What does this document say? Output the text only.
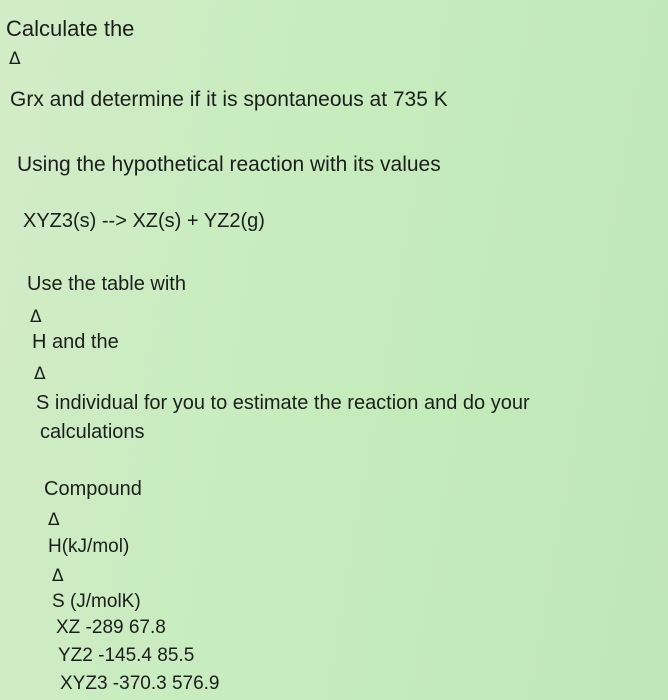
Calculate the
Δ
Grx and determine if it is spontaneous at 735 K
Using the hypothetical reaction with its values
XYZ3(s) --> XZ(s) + YZ2(g)
Use the table with
Δ
H and the
Δ
S individual for you to estimate the reaction and do your
calculations
Compound
Δ
H(kJ/mol)
Δ
S (J/molK)
XZ -289 67.8
YZ2 -145.4 85.5
XYZ3 -370.3 576.9
